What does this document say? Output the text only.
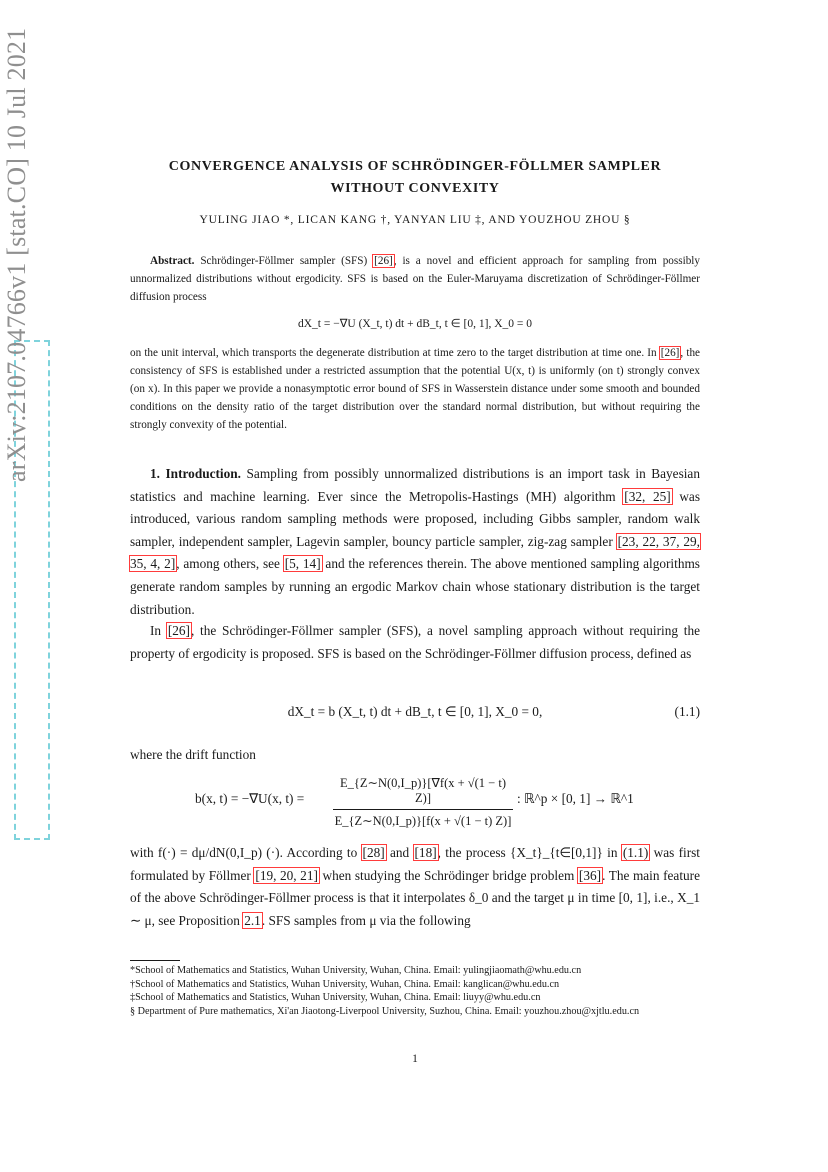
arXiv:2107.04766v1 [stat.CO] 10 Jul 2021	CONVERGENCE ANALYSIS OF SCHRÖDINGER-FÖLLMER SAMPLER
WITHOUT CONVEXITY
YULING JIAO *, LICAN KANG †, YANYAN LIU ‡, AND YOUZHOU ZHOU §
Abstract. Schrödinger-Föllmer sampler (SFS) [26], is a novel and efficient approach for sampling from possibly unnormalized distributions without ergodicity. SFS is based on the Euler-Maruyama discretization of Schrödinger-Föllmer diffusion process
dX_t = −∇U (X_t, t) dt + dB_t, t ∈ [0, 1], X_0 = 0
on the unit interval, which transports the degenerate distribution at time zero to the target distribution at time one. In [26], the consistency of SFS is established under a restricted assumption that the potential U(x, t) is uniformly (on t) strongly convex (on x). In this paper we provide a nonasymptotic error bound of SFS in Wasserstein distance under some smooth and bounded conditions on the density ratio of the target distribution over the standard normal distribution, but without requiring the strongly convexity of the potential.
1. Introduction. Sampling from possibly unnormalized distributions is an import task in Bayesian statistics and machine learning. Ever since the Metropolis-Hastings (MH) algorithm [32, 25] was introduced, various random sampling methods were proposed, including Gibbs sampler, random walk sampler, independent sampler, Lagevin sampler, bouncy particle sampler, zig-zag sampler [23, 22, 37, 29, 35, 4, 2], among others, see [5, 14] and the references therein. The above mentioned sampling algorithms generate random samples by running an ergodic Markov chain whose stationary distribution is the target distribution.
In [26], the Schrödinger-Föllmer sampler (SFS), a novel sampling approach without requiring the property of ergodicity is proposed. SFS is based on the Schrödinger-Föllmer diffusion process, defined as
dX_t = b (X_t, t) dt + dB_t, t ∈ [0, 1], X_0 = 0,	(1.1)
where the drift function
b(x, t) = −∇U(x, $t) = \frac{E\_\{Z\sim N(0,I\_p)\}[\nabla f(x + √(1 - t) Z)]}{E\_\{Z\sim N(0,I\_p)\}[f(x + √(1 - t) Z)]}$ : ℝ^p × [0, 1] → ℝ^1
with f(·) = dμ/dN(0,I_p) (·). According to [28] and [18], the process {X_t}_{t∈[0,1]} in (1.1) was first formulated by Föllmer [19, 20, 21] when studying the Schrödinger bridge problem [36]. The main feature of the above Schrödinger-Föllmer process is that it interpolates δ_0 and the target μ in time [0, 1], i.e., X_1 ∼ μ, see Proposition 2.1. SFS samples from μ via the following

*School of Mathematics and Statistics, Wuhan University, Wuhan, China. Email: yulingjiaomath@whu.edu.cn

†School of Mathematics and Statistics, Wuhan University, Wuhan, China. Email: kanglican@whu.edu.cn

‡School of Mathematics and Statistics, Wuhan University, Wuhan, China. Email: liuyy@whu.edu.cn

§ Department of Pure mathematics, Xi'an Jiaotong-Liverpool University, Suzhou, China. Email: youzhou.zhou@xjtlu.edu.cn

1
